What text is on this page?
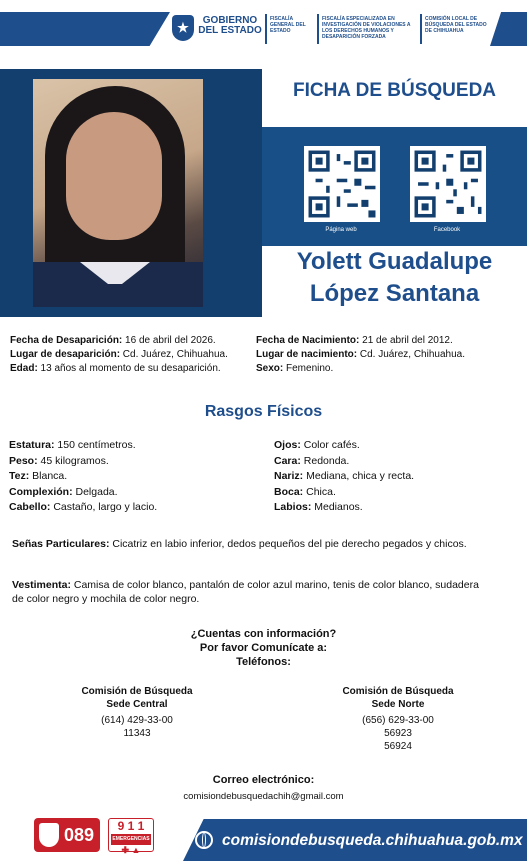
★	GOBIERNO DEL ESTADO
FISCALÍA GENERAL DEL ESTADO
FISCALÍA ESPECIALIZADA EN INVESTIGACIÓN DE VIOLACIONES A LOS DERECHOS HUMANOS Y DESAPARICIÓN FORZADA
COMISIÓN LOCAL DE BÚSQUEDA DEL ESTADO DE CHIHUAHUA
FICHA DE BÚSQUEDA
Página web	Facebook
Yolett Guadalupe
López Santana
Fecha de Desaparición: 16 de abril del 2026.
Lugar de desaparición: Cd. Juárez, Chihuahua.
Edad: 13 años al momento de su desaparición.
Fecha de Nacimiento: 21 de abril del 2012.
Lugar de nacimiento: Cd. Juárez, Chihuahua.
Sexo: Femenino.
Rasgos Físicos
Estatura: 150 centímetros.
Peso: 45 kilogramos.
Tez: Blanca.
Complexión: Delgada.
Cabello: Castaño, largo y lacio.
Ojos: Color cafés.
Cara: Redonda.
Nariz: Mediana, chica y recta.
Boca: Chica.
Labios: Medianos.
Señas Particulares: Cicatriz en labio inferior, dedos pequeños del pie derecho pegados y chicos.
Vestimenta: Camisa de color blanco, pantalón de color azul marino, tenis de color blanco, sudadera de color negro y mochila de color negro.
¿Cuentas con información?
Por favor Comunícate a:
Teléfonos:
Comisión de Búsqueda
Sede Central
(614) 429-33-00
11343
Comisión de Búsqueda
Sede Norte
(656) 629-33-00
56923
56924
Correo electrónico:
comisiondebusquedachih@gmail.com
089	9 1 1
EMERGENCIAS
✚ ▲
comisiondebusqueda.chihuahua.gob.mx
